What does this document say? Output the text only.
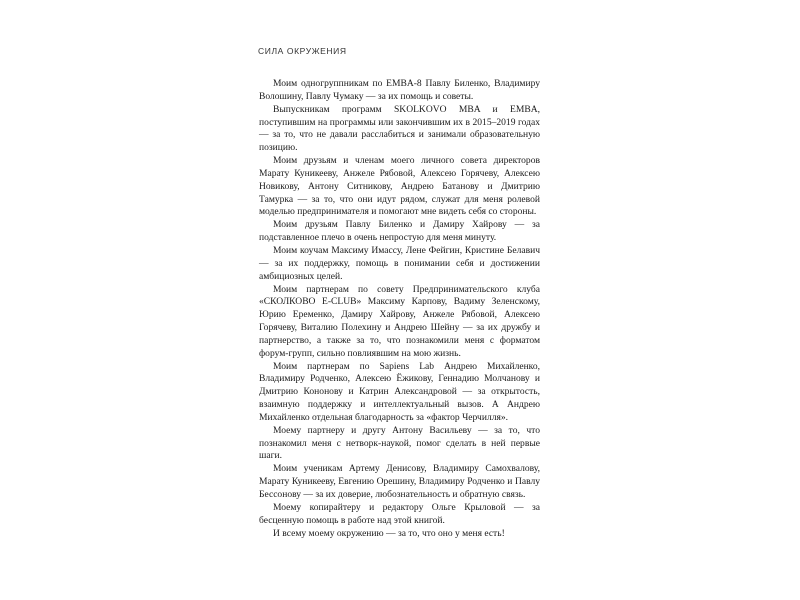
СИЛА ОКРУЖЕНИЯ

Моим одногруппникам по EMBA-8 Павлу Биленко, Владимиру Волошину, Павлу Чумаку — за их помощь и советы.

Выпускникам программ SKOLKOVO MBA и EMBA, поступившим на программы или закончившим их в 2015–2019 годах — за то, что не давали расслабиться и занимали образовательную позицию.

Моим друзьям и членам моего личного совета директоров Марату Куникееву, Анжеле Рябовой, Алексею Горячеву, Алексею Новикову, Антону Ситникову, Андрею Батанову и Дмитрию Тамурка — за то, что они идут рядом, служат для меня ролевой моделью предпринимателя и помогают мне видеть себя со стороны.

Моим друзьям Павлу Биленко и Дамиру Хайрову — за подставленное плечо в очень непростую для меня минуту.

Моим коучам Максиму Имассу, Лене Фейгин, Кристине Белавич — за их поддержку, помощь в понимании себя и достижении амбициозных целей.

Моим партнерам по совету Предпринимательского клуба «СКОЛКОВО E-CLUB» Максиму Карпову, Вадиму Зеленскому, Юрию Еременко, Дамиру Хайрову, Анжеле Рябовой, Алексею Горячеву, Виталию Полехину и Андрею Шейну — за их дружбу и партнерство, а также за то, что познакомили меня с форматом форум-групп, сильно повлиявшим на мою жизнь.

Моим партнерам по Sapiens Lab Андрею Михайленко, Владимиру Родченко, Алексею Ёжикову, Геннадию Молчанову и Дмитрию Кононову и Катрин Александровой — за открытость, взаимную поддержку и интеллектуальный вызов. А Андрею Михайленко отдельная благодарность за «фактор Черчилля».

Моему партнеру и другу Антону Васильеву — за то, что познакомил меня с нетворк-наукой, помог сделать в ней первые шаги.

Моим ученикам Артему Денисову, Владимиру Самохвалову, Марату Куникееву, Евгению Орешину, Владимиру Родченко и Павлу Бессонову — за их доверие, любознательность и обратную связь.

Моему копирайтеру и редактору Ольге Крыловой — за бесценную помощь в работе над этой книгой.

И всему моему окружению — за то, что оно у меня есть!
